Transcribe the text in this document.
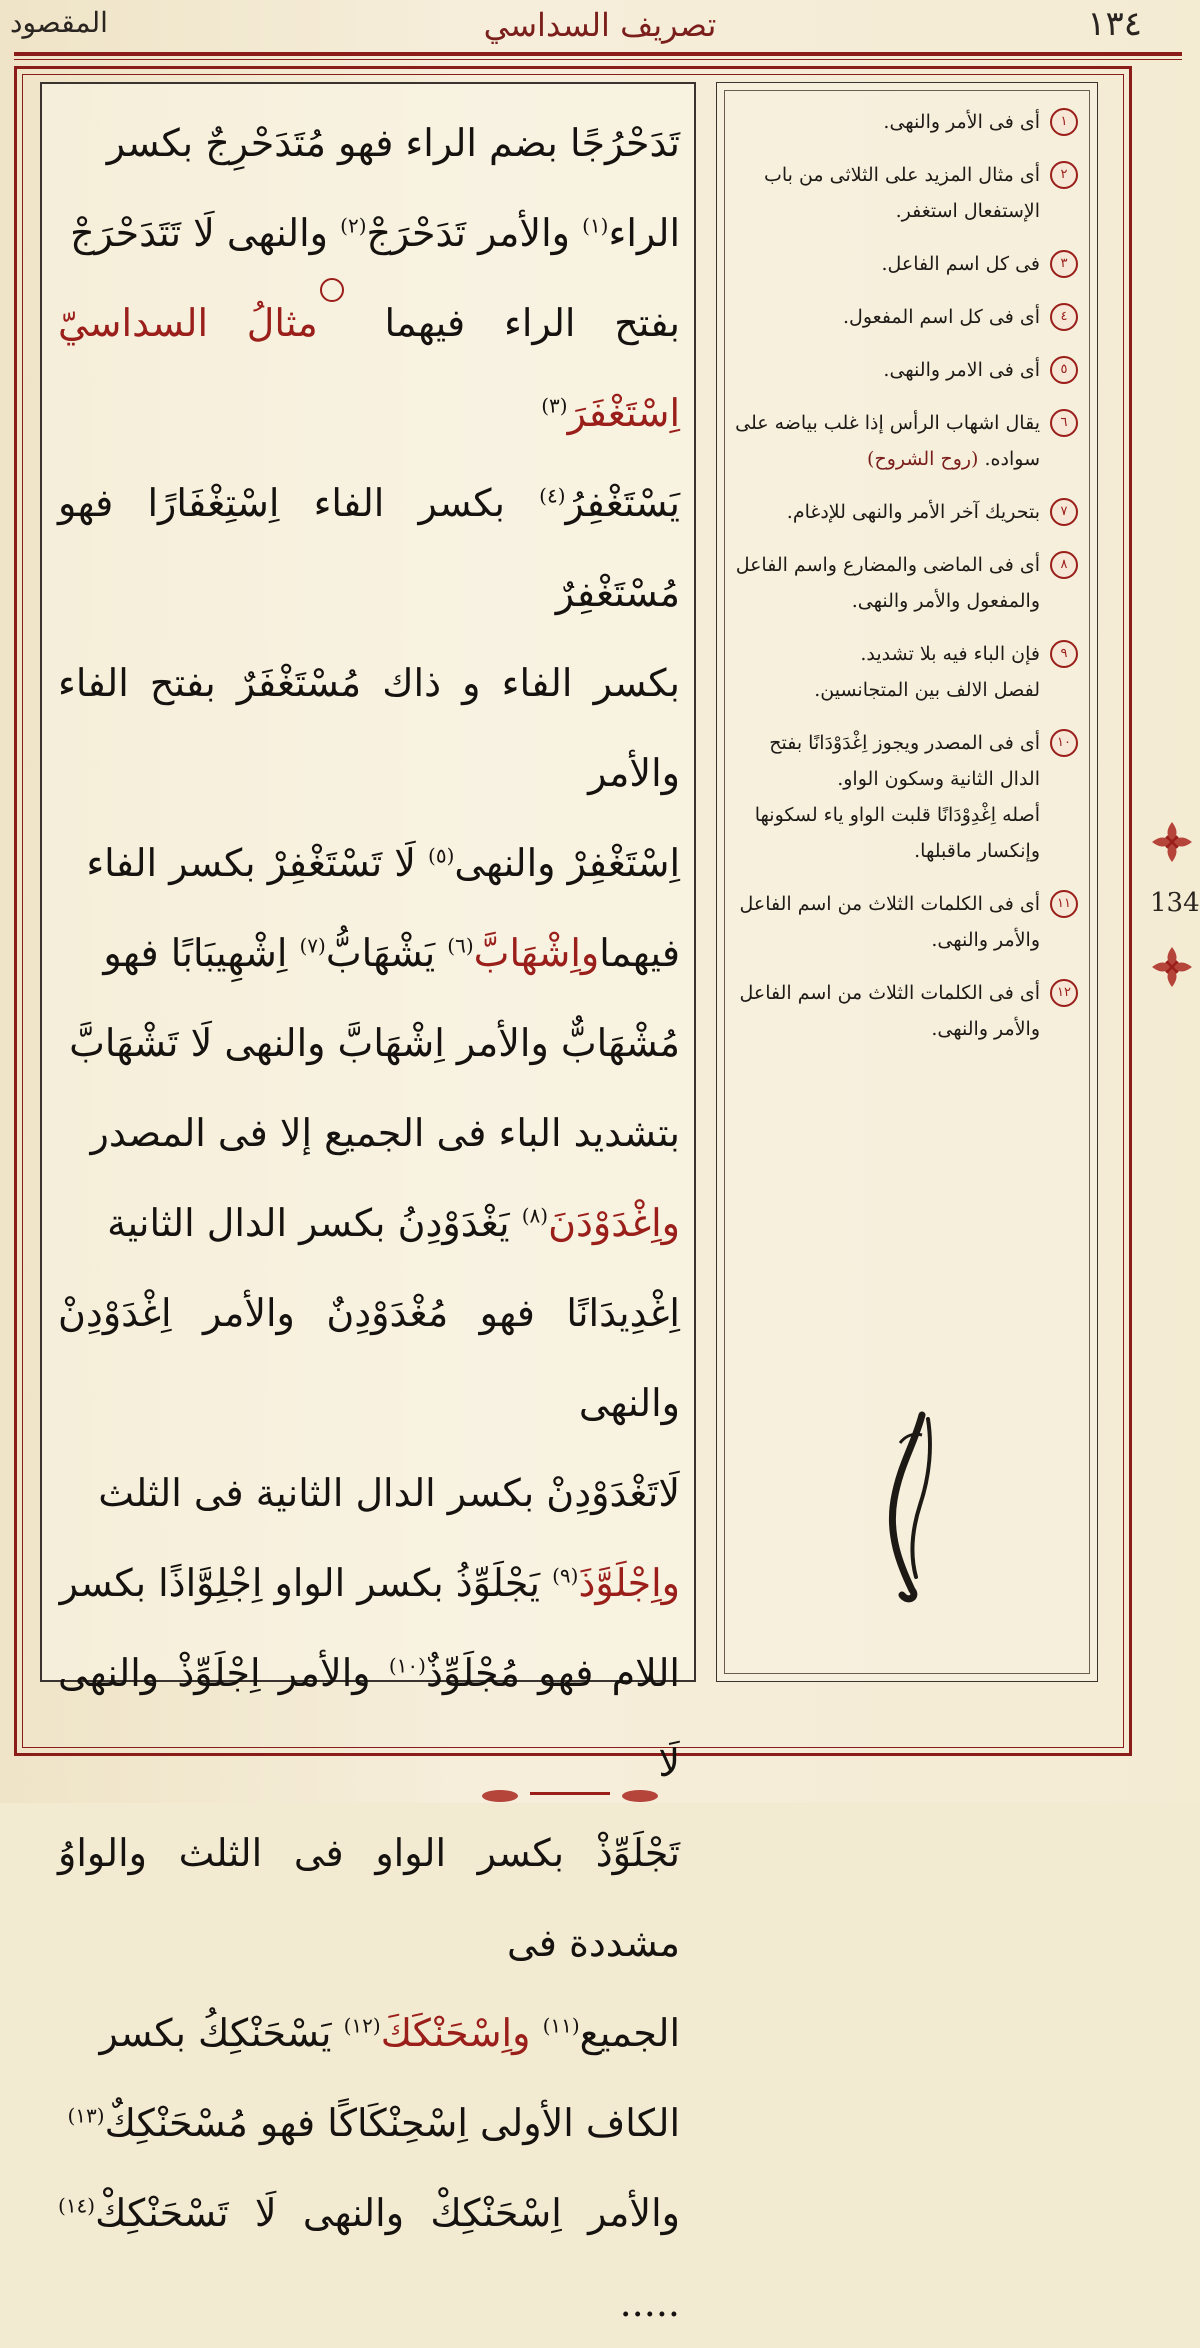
١٣٤
تصريف السداسي
المقصود
تَدَحْرُجًا بضم الراء فهو مُتَدَحْرِجٌ بكسر
الراء$^{(١)}$ والأمر تَدَحْرَجْ$^{(٢)}$ والنهى لَا تَتَدَحْرَجْ
بفتح الراء فيهما مثالُ السداسيّ اِسْتَغْفَرَ$^{(٣)}$
يَسْتَغْفِرُ$^{(٤)}$ بكسر الفاء اِسْتِغْفَارًا فهو مُسْتَغْفِرٌ
بكسر الفاء و ذاك مُسْتَغْفَرٌ بفتح الفاء والأمر
اِسْتَغْفِرْ والنهى$^{(٥)}$ لَا تَسْتَغْفِرْ بكسر الفاء
فيهماواِشْهَابَّ$^{(٦)}$ يَشْهَابُّ$^{(٧)}$ اِشْهِيبَابًا فهو
مُشْهَابٌّ والأمر اِشْهَابَّ والنهى لَا تَشْهَابَّ
بتشديد الباء فى الجميع إلا فى المصدر
واِغْدَوْدَنَ$^{(٨)}$ يَغْدَوْدِنُ بكسر الدال الثانية
اِغْدِيدَانًا فهو مُغْدَوْدِنٌ والأمر اِغْدَوْدِنْ والنهى
لَاتَغْدَوْدِنْ بكسر الدال الثانية فى الثلث
واِجْلَوَّذَ$^{(٩)}$ يَجْلَوِّذُ بكسر الواو اِجْلِوَّاذًا بكسر
اللام فهو مُجْلَوِّذٌ$^{(١٠)}$ والأمر اِجْلَوِّذْ والنهى لَا
تَجْلَوِّذْ بكسر الواو فى الثلث والواوُ مشددة فى
الجميع$^{(١١)}$ واِسْحَنْكَكَ$^{(١٢)}$ يَسْحَنْكِكُ بكسر
الكاف الأولى اِسْحِنْكَاكًا فهو مُسْحَنْكِكٌ$^{(١٣)}$
والأمر اِسْحَنْكِكْ والنهى لَا تَسْحَنْكِكْ$^{(١٤)}$ .....
١
أى فى الأمر والنهى.
٢
أى مثال المزيد على الثلاثى من باب الإستفعال استغفر.
٣
فى كل اسم الفاعل.
٤
أى فى كل اسم المفعول.
٥
أى فى الامر والنهى.
٦
يقال اشهاب الرأس إذا غلب بياضه على سواده. (روح الشروح)
٧
بتحريك آخر الأمر والنهى للإدغام.
٨
أى فى الماضى والمضارع واسم الفاعل والمفعول والأمر والنهى.
٩
فإن الباء فيه بلا تشديد.
لفصل الالف بين المتجانسين.
١٠
أى فى المصدر ويجوز اِغْدَوْدَانًا بفتح الدال الثانية وسكون الواو.
أصله اِغْدِوْدَانًا قلبت الواو ياء لسكونها وإنكسار ماقبلها.
١١
أى فى الكلمات الثلاث من اسم الفاعل والأمر والنهى.
١٢
أى فى الكلمات الثلاث من اسم الفاعل والأمر والنهى.
134
